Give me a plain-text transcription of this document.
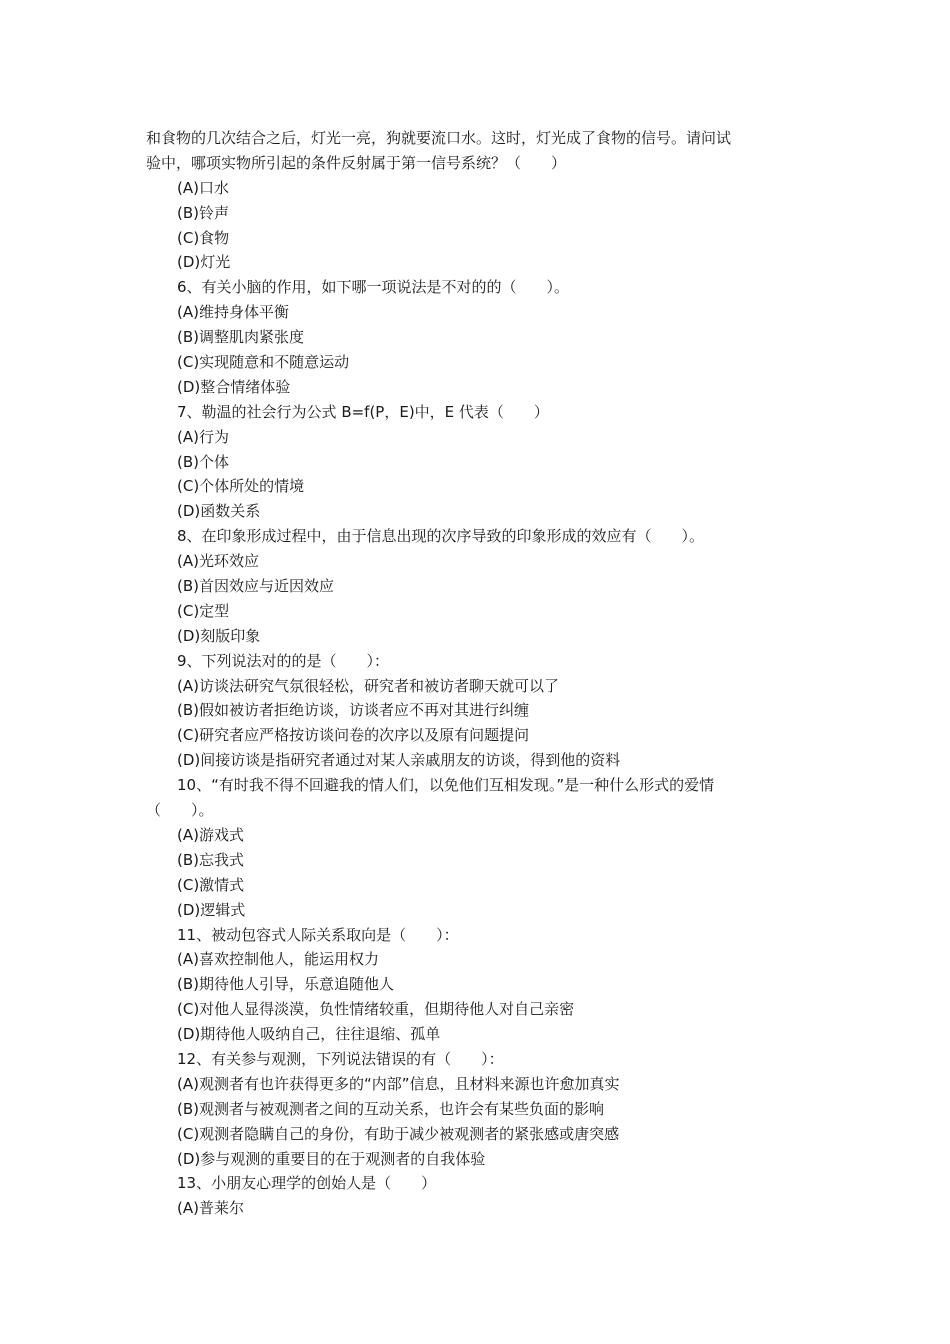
和食物的几次结合之后，灯光一亮，狗就要流口水。这时，灯光成了食物的信号。请问试
验中，哪项实物所引起的条件反射属于第一信号系统？（　　）
(A)口水
(B)铃声
(C)食物
(D)灯光
6、有关小脑的作用，如下哪一项说法是不对的的（　　）。
(A)维持身体平衡
(B)调整肌肉紧张度
(C)实现随意和不随意运动
(D)整合情绪体验
7、勒温的社会行为公式 B=f(P，E)中，E 代表（　　）
(A)行为
(B)个体
(C)个体所处的情境
(D)函数关系
8、在印象形成过程中，由于信息出现的次序导致的印象形成的效应有（　　）。
(A)光环效应
(B)首因效应与近因效应
(C)定型
(D)刻版印象
9、下列说法对的的是（　　）：
(A)访谈法研究气氛很轻松，研究者和被访者聊天就可以了
(B)假如被访者拒绝访谈，访谈者应不再对其进行纠缠
(C)研究者应严格按访谈问卷的次序以及原有问题提问
(D)间接访谈是指研究者通过对某人亲戚朋友的访谈，得到他的资料
10、“有时我不得不回避我的情人们，以免他们互相发现。”是一种什么形式的爱情
（　　）。
(A)游戏式
(B)忘我式
(C)激情式
(D)逻辑式
11、被动包容式人际关系取向是（　　）：
(A)喜欢控制他人，能运用权力
(B)期待他人引导，乐意追随他人
(C)对他人显得淡漠，负性情绪较重，但期待他人对自己亲密
(D)期待他人吸纳自己，往往退缩、孤单
12、有关参与观测，下列说法错误的有（　　）：
(A)观测者有也许获得更多的“内部”信息，且材料来源也许愈加真实
(B)观测者与被观测者之间的互动关系，也许会有某些负面的影响
(C)观测者隐瞒自己的身份，有助于减少被观测者的紧张感或唐突感
(D)参与观测的重要目的在于观测者的自我体验
13、小朋友心理学的创始人是（　　）
(A)普莱尔
